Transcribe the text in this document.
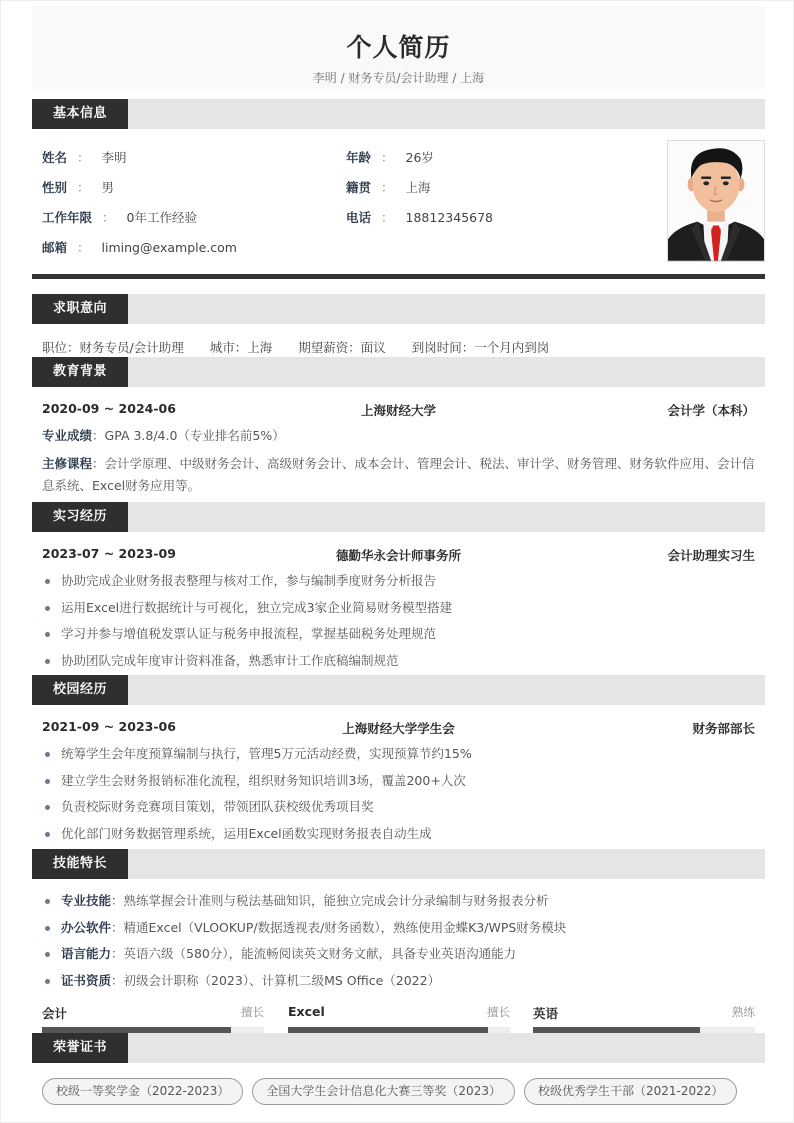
个人简历
李明 / 财务专员/会计助理 / 上海
基本信息
姓名 ： 李明
性别 ： 男
工作年限 ： 0年工作经验
邮箱 ： liming@example.com
年龄 ： 26岁
籍贯 ： 上海
电话 ： 18812345678
求职意向
职位：财务专员/会计助理 城市：上海 期望薪资：面议 到岗时间：一个月内到岗
教育背景
2020-09 ~ 2024-06	上海财经大学	会计学（本科）
专业成绩：GPA 3.8/4.0（专业排名前5%）
主修课程：会计学原理、中级财务会计、高级财务会计、成本会计、管理会计、税法、审计学、财务管理、财务软件应用、会计信息系统、Excel财务应用等。
实习经历
2023-07 ~ 2023-09	德勤华永会计师事务所	会计助理实习生
协助完成企业财务报表整理与核对工作，参与编制季度财务分析报告
运用Excel进行数据统计与可视化，独立完成3家企业简易财务模型搭建
学习并参与增值税发票认证与税务申报流程，掌握基础税务处理规范
协助团队完成年度审计资料准备，熟悉审计工作底稿编制规范
校园经历
2021-09 ~ 2023-06	上海财经大学学生会	财务部部长
统筹学生会年度预算编制与执行，管理5万元活动经费，实现预算节约15%
建立学生会财务报销标准化流程，组织财务知识培训3场，覆盖200+人次
负责校际财务竞赛项目策划，带领团队获校级优秀项目奖
优化部门财务数据管理系统，运用Excel函数实现财务报表自动生成
技能特长
专业技能：熟练掌握会计准则与税法基础知识，能独立完成会计分录编制与财务报表分析
办公软件：精通Excel（VLOOKUP/数据透视表/财务函数），熟练使用金蝶K3/WPS财务模块
语言能力：英语六级（580分），能流畅阅读英文财务文献，具备专业英语沟通能力
证书资质：初级会计职称（2023）、计算机二级MS Office（2022）
会计	擅长 Excel	擅长 英语	熟练
荣誉证书
校级一等奖学金（2022-2023）	全国大学生会计信息化大赛三等奖（2023）	校级优秀学生干部（2021-2022）
